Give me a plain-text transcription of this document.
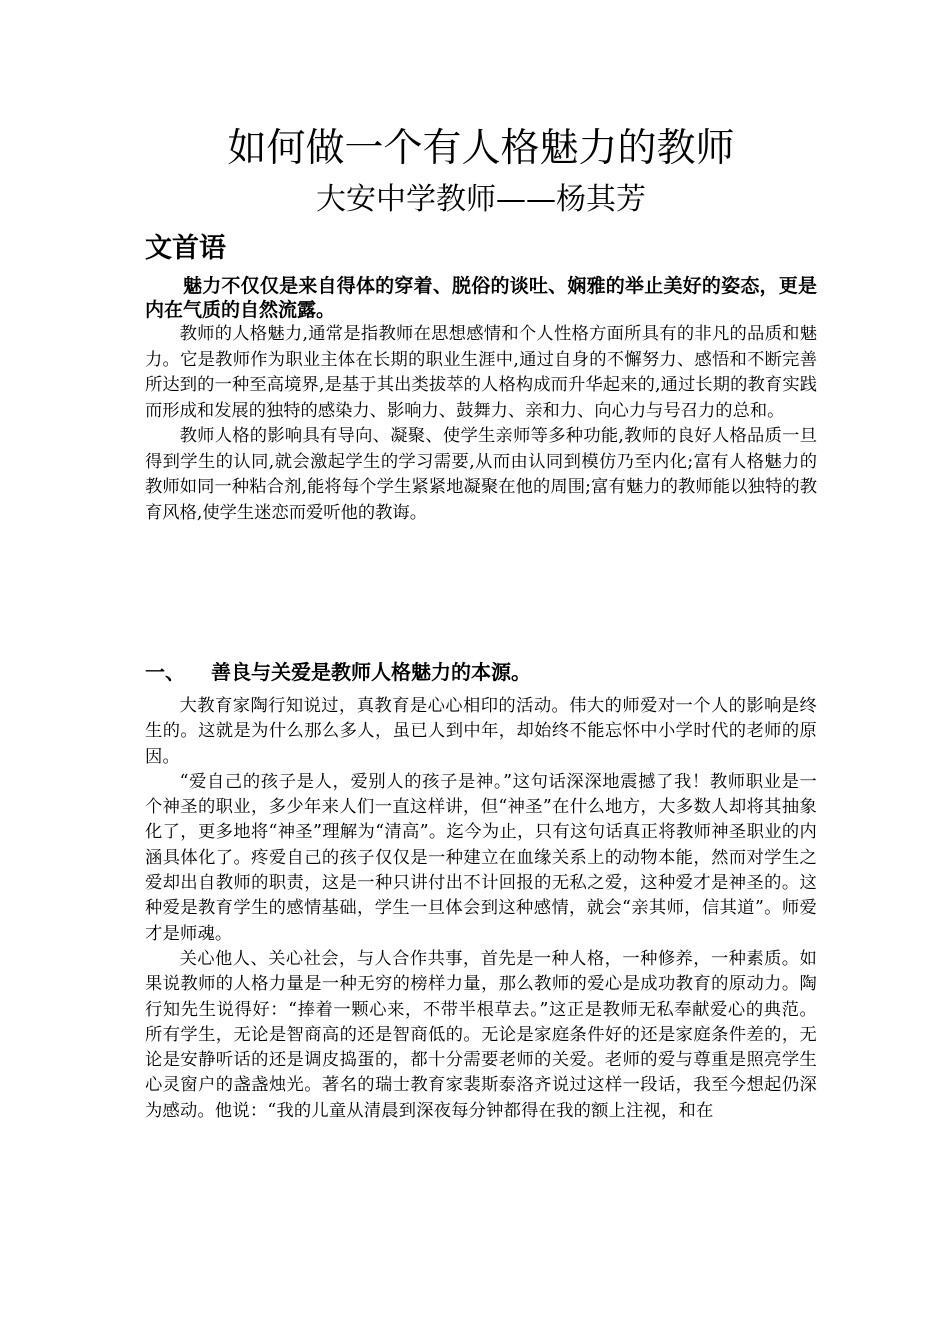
如何做一个有人格魅力的教师
大安中学教师——杨其芳
文首语
魅力不仅仅是来自得体的穿着、脱俗的谈吐、娴雅的举止美好的姿态，更是内在气质的自然流露。

教师的人格魅力,通常是指教师在思想感情和个人性格方面所具有的非凡的品质和魅力。它是教师作为职业主体在长期的职业生涯中,通过自身的不懈努力、感悟和不断完善所达到的一种至高境界,是基于其出类拔萃的人格构成而升华起来的,通过长期的教育实践而形成和发展的独特的感染力、影响力、鼓舞力、亲和力、向心力与号召力的总和。

教师人格的影响具有导向、凝聚、使学生亲师等多种功能,教师的良好人格品质一旦得到学生的认同,就会激起学生的学习需要,从而由认同到模仿乃至内化;富有人格魅力的教师如同一种粘合剂,能将每个学生紧紧地凝聚在他的周围;富有魅力的教师能以独特的教育风格,使学生迷恋而爱听他的教诲。

一、 善良与关爱是教师人格魅力的本源。

大教育家陶行知说过，真教育是心心相印的活动。伟大的师爱对一个人的影响是终生的。这就是为什么那么多人，虽已人到中年，却始终不能忘怀中小学时代的老师的原因。

“爱自己的孩子是人，爱别人的孩子是神。”这句话深深地震撼了我！教师职业是一个神圣的职业，多少年来人们一直这样讲，但“神圣”在什么地方，大多数人却将其抽象化了，更多地将“神圣”理解为“清高”。迄今为止，只有这句话真正将教师神圣职业的内涵具体化了。疼爱自己的孩子仅仅是一种建立在血缘关系上的动物本能，然而对学生之爱却出自教师的职责，这是一种只讲付出不计回报的无私之爱，这种爱才是神圣的。这种爱是教育学生的感情基础，学生一旦体会到这种感情，就会“亲其师，信其道”。师爱才是师魂。

关心他人、关心社会，与人合作共事，首先是一种人格，一种修养，一种素质。如果说教师的人格力量是一种无穷的榜样力量，那么教师的爱心是成功教育的原动力。陶行知先生说得好：“捧着一颗心来，不带半根草去。”这正是教师无私奉献爱心的典范。所有学生，无论是智商高的还是智商低的。无论是家庭条件好的还是家庭条件差的，无论是安静听话的还是调皮捣蛋的，都十分需要老师的关爱。老师的爱与尊重是照亮学生心灵窗户的盏盏烛光。著名的瑞士教育家裴斯泰洛齐说过这样一段话，我至今想起仍深为感动。他说：“我的儿童从清晨到深夜每分钟都得在我的额上注视，和在
